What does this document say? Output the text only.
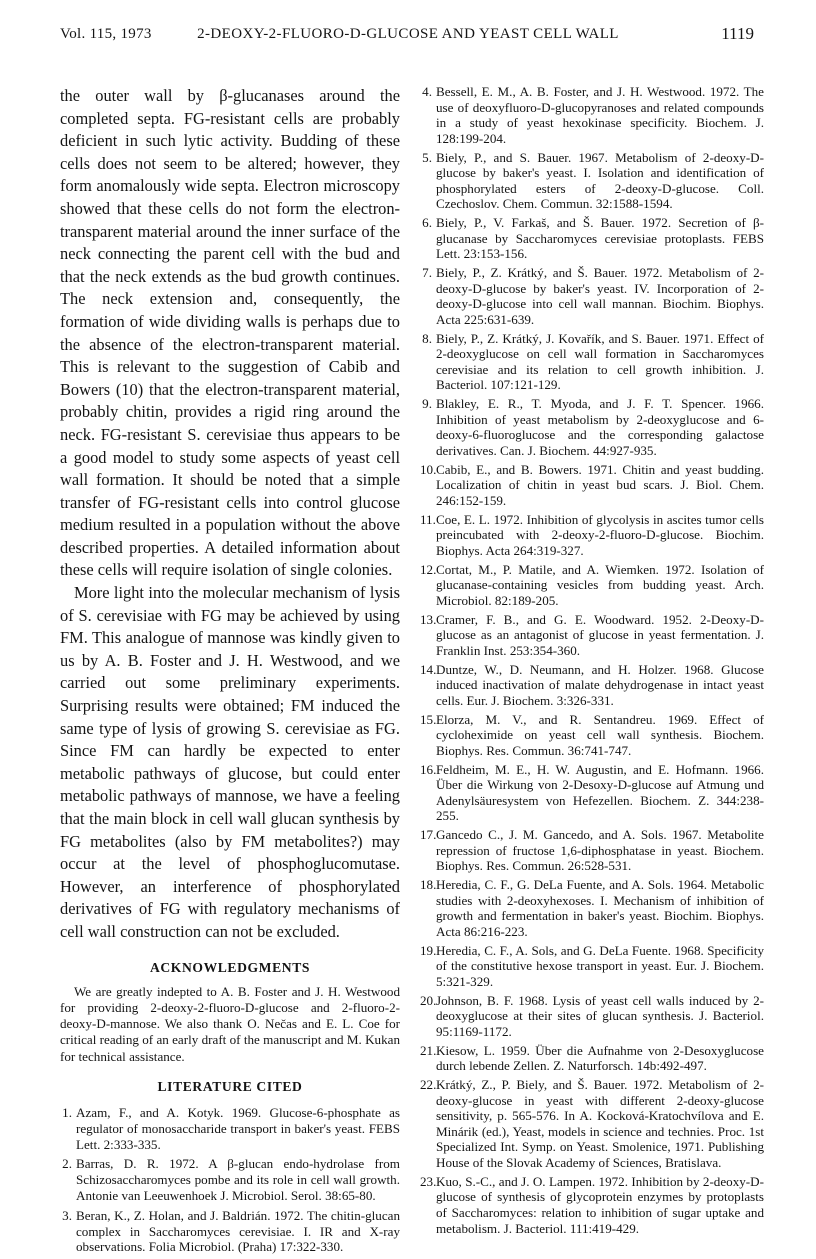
Vol. 115, 1973	2-DEOXY-2-FLUORO-D-GLUCOSE AND YEAST CELL WALL	1119

the outer wall by β-glucanases around the completed septa. FG-resistant cells are probably deficient in such lytic activity. Budding of these cells does not seem to be altered; however, they form anomalously wide septa. Electron microscopy showed that these cells do not form the electron-transparent material around the inner surface of the neck connecting the parent cell with the bud and that the neck extends as the bud growth continues. The neck extension and, consequently, the formation of wide dividing walls is perhaps due to the absence of the electron-transparent material. This is relevant to the suggestion of Cabib and Bowers (10) that the electron-transparent material, probably chitin, provides a rigid ring around the neck. FG-resistant S. cerevisiae thus appears to be a good model to study some aspects of yeast cell wall formation. It should be noted that a simple transfer of FG-resistant cells into control glucose medium resulted in a population without the above described properties. A detailed information about these cells will require isolation of single colonies.

More light into the molecular mechanism of lysis of S. cerevisiae with FG may be achieved by using FM. This analogue of mannose was kindly given to us by A. B. Foster and J. H. Westwood, and we carried out some preliminary experiments. Surprising results were obtained; FM induced the same type of lysis of growing S. cerevisiae as FG. Since FM can hardly be expected to enter metabolic pathways of glucose, but could enter metabolic pathways of mannose, we have a feeling that the main block in cell wall glucan synthesis by FG metabolites (also by FM metabolites?) may occur at the level of phosphoglucomutase. However, an interference of phosphorylated derivatives of FG with regulatory mechanisms of cell wall construction can not be excluded.

ACKNOWLEDGMENTS

We are greatly indepted to A. B. Foster and J. H. Westwood for providing 2-deoxy-2-fluoro-D-glucose and 2-fluoro-2-deoxy-D-mannose. We also thank O. Nečas and E. L. Coe for critical reading of an early draft of the manuscript and M. Kukan for technical assistance.

LITERATURE CITED
1. Azam, F., and A. Kotyk. 1969. Glucose-6-phosphate as regulator of monosaccharide transport in baker's yeast. FEBS Lett. 2:333-335.
2. Barras, D. R. 1972. A β-glucan endo-hydrolase from Schizosaccharomyces pombe and its role in cell wall growth. Antonie van Leeuwenhoek J. Microbiol. Serol. 38:65-80.
3. Beran, K., Z. Holan, and J. Baldrián. 1972. The chitin-glucan complex in Saccharomyces cerevisiae. I. IR and X-ray observations. Folia Microbiol. (Praha) 17:322-330.
4. Bessell, E. M., A. B. Foster, and J. H. Westwood. 1972. The use of deoxyfluoro-D-glucopyranoses and related compounds in a study of yeast hexokinase specificity. Biochem. J. 128:199-204.
5. Biely, P., and S. Bauer. 1967. Metabolism of 2-deoxy-D-glucose by baker's yeast. I. Isolation and identification of phosphorylated esters of 2-deoxy-D-glucose. Coll. Czechoslov. Chem. Commun. 32:1588-1594.
6. Biely, P., V. Farkaš, and Š. Bauer. 1972. Secretion of β-glucanase by Saccharomyces cerevisiae protoplasts. FEBS Lett. 23:153-156.
7. Biely, P., Z. Krátký, and Š. Bauer. 1972. Metabolism of 2-deoxy-D-glucose by baker's yeast. IV. Incorporation of 2-deoxy-D-glucose into cell wall mannan. Biochim. Biophys. Acta 225:631-639.
8. Biely, P., Z. Krátký, J. Kovařík, and S. Bauer. 1971. Effect of 2-deoxyglucose on cell wall formation in Saccharomyces cerevisiae and its relation to cell growth inhibition. J. Bacteriol. 107:121-129.
9. Blakley, E. R., T. Myoda, and J. F. T. Spencer. 1966. Inhibition of yeast metabolism by 2-deoxyglucose and 6-deoxy-6-fluoroglucose and the corresponding galactose derivatives. Can. J. Biochem. 44:927-935.
10.Cabib, E., and B. Bowers. 1971. Chitin and yeast budding. Localization of chitin in yeast bud scars. J. Biol. Chem. 246:152-159.
11.Coe, E. L. 1972. Inhibition of glycolysis in ascites tumor cells preincubated with 2-deoxy-2-fluoro-D-glucose. Biochim. Biophys. Acta 264:319-327.
12.Cortat, M., P. Matile, and A. Wiemken. 1972. Isolation of glucanase-containing vesicles from budding yeast. Arch. Microbiol. 82:189-205.
13.Cramer, F. B., and G. E. Woodward. 1952. 2-Deoxy-D-glucose as an antagonist of glucose in yeast fermentation. J. Franklin Inst. 253:354-360.
14.Duntze, W., D. Neumann, and H. Holzer. 1968. Glucose induced inactivation of malate dehydrogenase in intact yeast cells. Eur. J. Biochem. 3:326-331.
15.Elorza, M. V., and R. Sentandreu. 1969. Effect of cycloheximide on yeast cell wall synthesis. Biochem. Biophys. Res. Commun. 36:741-747.
16.Feldheim, M. E., H. W. Augustin, and E. Hofmann. 1966. Über die Wirkung von 2-Desoxy-D-glucose auf Atmung und Adenylsäuresystem von Hefezellen. Biochem. Z. 344:238-255.
17.Gancedo C., J. M. Gancedo, and A. Sols. 1967. Metabolite repression of fructose 1,6-diphosphatase in yeast. Biochem. Biophys. Res. Commun. 26:528-531.
18.Heredia, C. F., G. DeLa Fuente, and A. Sols. 1964. Metabolic studies with 2-deoxyhexoses. I. Mechanism of inhibition of growth and fermentation in baker's yeast. Biochim. Biophys. Acta 86:216-223.
19.Heredia, C. F., A. Sols, and G. DeLa Fuente. 1968. Specificity of the constitutive hexose transport in yeast. Eur. J. Biochem. 5:321-329.
20.Johnson, B. F. 1968. Lysis of yeast cell walls induced by 2-deoxyglucose at their sites of glucan synthesis. J. Bacteriol. 95:1169-1172.
21.Kiesow, L. 1959. Über die Aufnahme von 2-Desoxyglucose durch lebende Zellen. Z. Naturforsch. 14b:492-497.
22.Krátký, Z., P. Biely, and Š. Bauer. 1972. Metabolism of 2-deoxy-glucose in yeast with different 2-deoxy-glucose sensitivity, p. 565-576. In A. Kocková-Kratochvílova and E. Minárik (ed.), Yeast, models in science and technies. Proc. 1st Specialized Int. Symp. on Yeast. Smolenice, 1971. Publishing House of the Slovak Academy of Sciences, Bratislava.
23.Kuo, S.-C., and J. O. Lampen. 1972. Inhibition by 2-deoxy-D-glucose of synthesis of glycoprotein enzymes by protoplasts of Saccharomyces: relation to inhibition of sugar uptake and metabolism. J. Bacteriol. 111:419-429.
